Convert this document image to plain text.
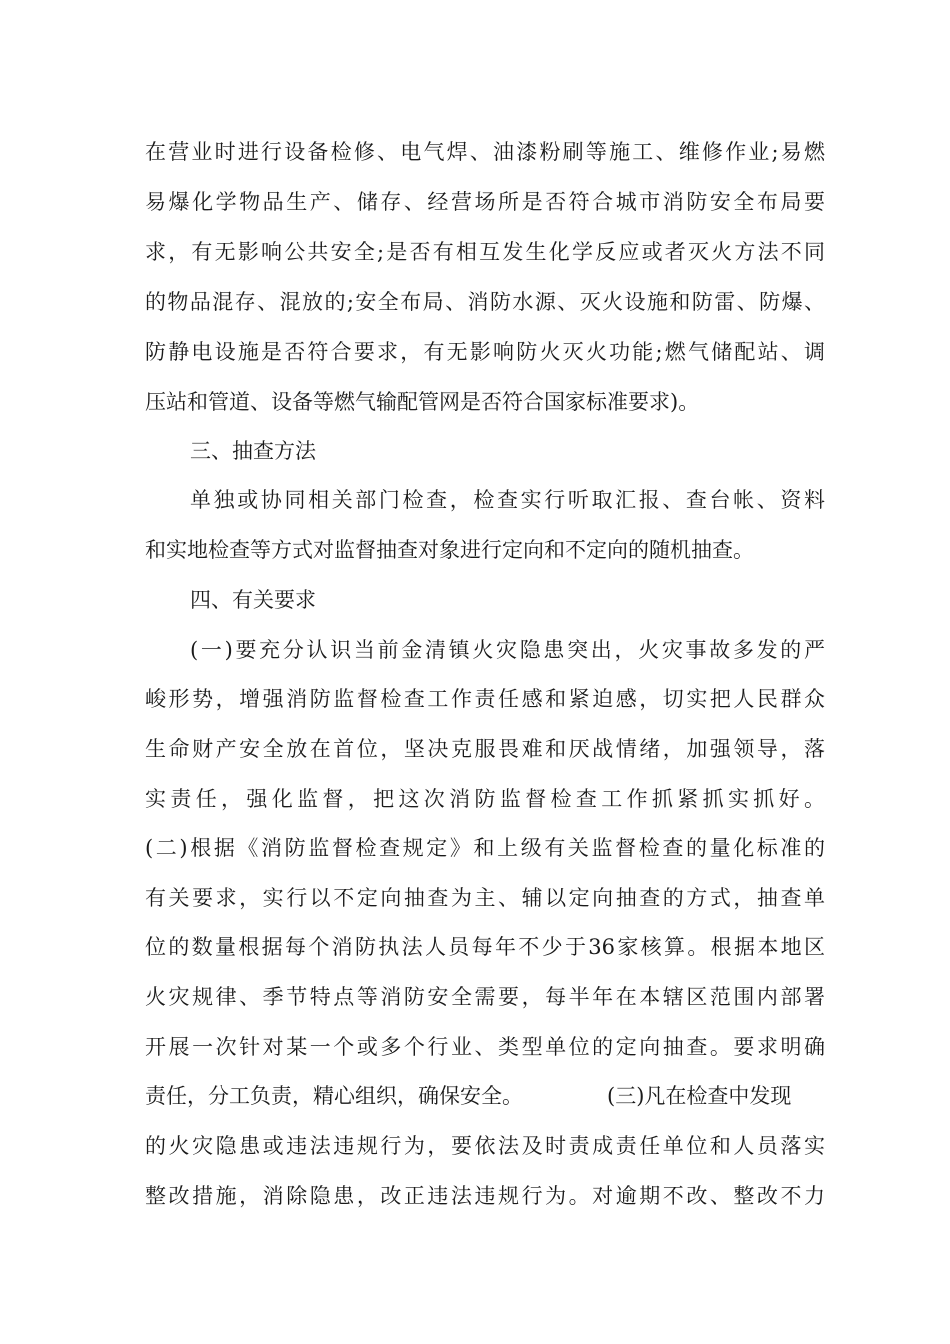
在营业时进行设备检修、电气焊、油漆粉刷等施工、维修作业;易燃
易爆化学物品生产、储存、经营场所是否符合城市消防安全布局要
求，有无影响公共安全;是否有相互发生化学反应或者灭火方法不同
的物品混存、混放的;安全布局、消防水源、灭火设施和防雷、防爆、
防静电设施是否符合要求，有无影响防火灭火功能;燃气储配站、调
压站和管道、设备等燃气输配管网是否符合国家标准要求)。
三、抽查方法
单独或协同相关部门检查，检查实行听取汇报、查台帐、资料
和实地检查等方式对监督抽查对象进行定向和不定向的随机抽查。
四、有关要求
(一)要充分认识当前金清镇火灾隐患突出，火灾事故多发的严
峻形势，增强消防监督检查工作责任感和紧迫感，切实把人民群众
生命财产安全放在首位，坚决克服畏难和厌战情绪，加强领导，落
实责任，强化监督，把这次消防监督检查工作抓紧抓实抓好。
(二)根据《消防监督检查规定》和上级有关监督检查的量化标准的
有关要求，实行以不定向抽查为主、辅以定向抽查的方式，抽查单
位的数量根据每个消防执法人员每年不少于36家核算。根据本地区
火灾规律、季节特点等消防安全需要，每半年在本辖区范围内部署
开展一次针对某一个或多个行业、类型单位的定向抽查。要求明确
责任，分工负责，精心组织，确保安全。	(三)凡在检查中发现
的火灾隐患或违法违规行为，要依法及时责成责任单位和人员落实
整改措施，消除隐患，改正违法违规行为。对逾期不改、整改不力
